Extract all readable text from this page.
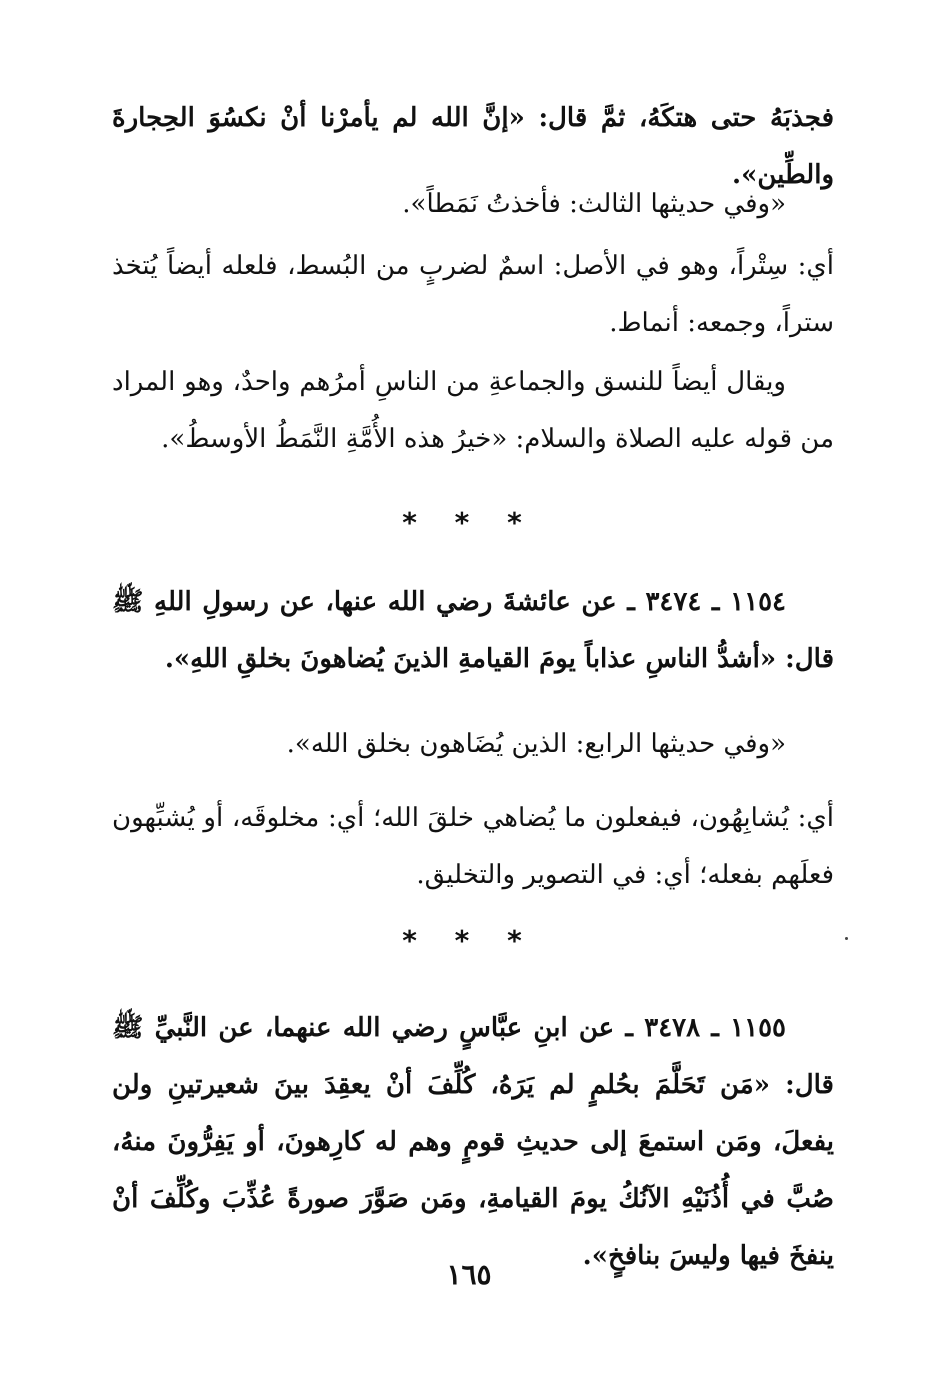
فجذبَهُ حتى هتكَهُ، ثمَّ قال: «إنَّ الله لم يأمرْنا أنْ نكسُوَ الحِجارةَ والطِّين».
«وفي حديثها الثالث: فأخذتُ نَمَطاً».
أي: سِتْراً، وهو في الأصل: اسمٌ لضربٍ من البُسط، فلعله أيضاً يُتخذ ستراً، وجمعه: أنماط.
ويقال أيضاً للنسق والجماعةِ من الناسِ أمرُهم واحدٌ، وهو المراد من قوله عليه الصلاة والسلام: «خيرُ هذه الأُمَّةِ النَّمَطُ الأوسطُ».
* * *
١١٥٤ ـ ٣٤٧٤ ـ عن عائشةَ رضي الله عنها، عن رسولِ اللهِ ﷺ قال: «أشدُّ الناسِ عذاباً يومَ القيامةِ الذينَ يُضاهونَ بخلقِ اللهِ».
«وفي حديثها الرابع: الذين يُضَاهون بخلق الله».
أي: يُشابِهُون، فيفعلون ما يُضاهي خلقَ الله؛ أي: مخلوقَه، أو يُشبِّهون فعلَهم بفعله؛ أي: في التصوير والتخليق.
* * *
١١٥٥ ـ ٣٤٧٨ ـ عن ابنِ عبَّاسٍ رضي الله عنهما، عن النَّبيِّ ﷺ قال: «مَن تَحَلَّمَ بحُلمٍ لم يَرَهُ، كُلِّفَ أنْ يعقِدَ بينَ شعيرتينِ ولن يفعلَ، ومَن استمعَ إلى حديثِ قومٍ وهم له كارِهونَ، أو يَفِرُّونَ منهُ، صُبَّ في أُذُنَيْهِ الآنُكُ يومَ القيامةِ، ومَن صَوَّرَ صورةً عُذِّبَ وكُلِّفَ أنْ ينفخَ فيها وليسَ بنافخٍ».
١٦٥
